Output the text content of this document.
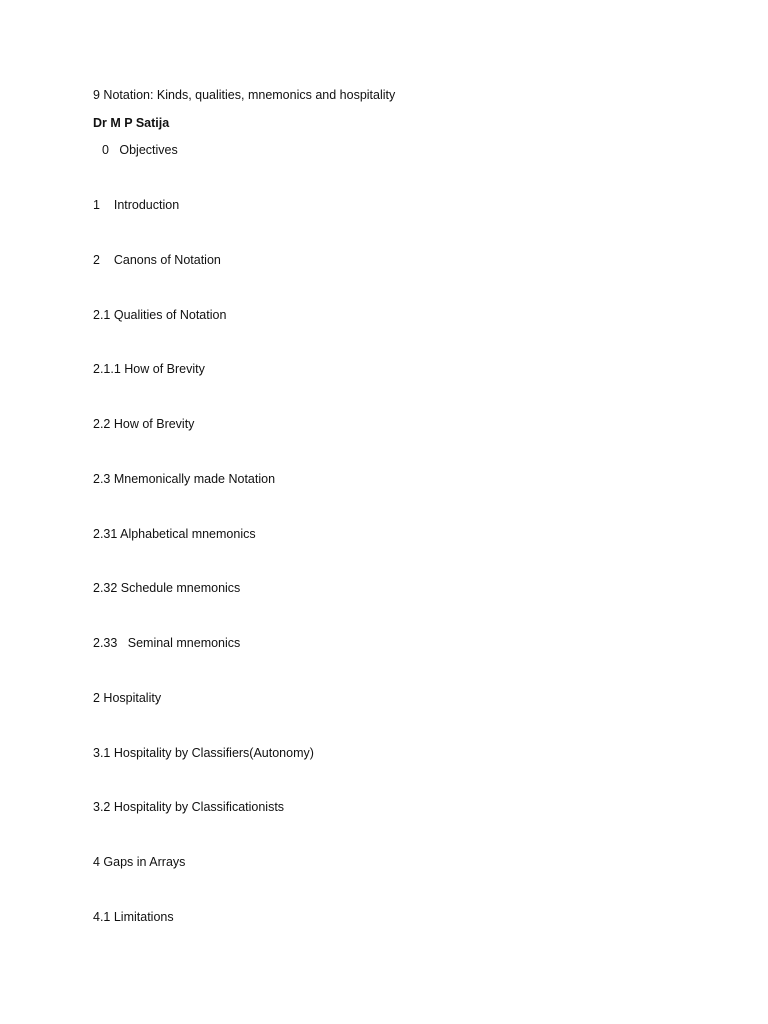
9 Notation: Kinds, qualities, mnemonics and hospitality

Dr M P Satija

0   Objectives

1    Introduction

2    Canons of Notation

2.1 Qualities of Notation

2.1.1 How of Brevity

2.2 How of Brevity

2.3 Mnemonically made Notation

2.31 Alphabetical mnemonics

2.32 Schedule mnemonics

2.33   Seminal mnemonics

2 Hospitality

3.1 Hospitality by Classifiers(Autonomy)

3.2 Hospitality by Classificationists

4 Gaps in Arrays

4.1 Limitations
